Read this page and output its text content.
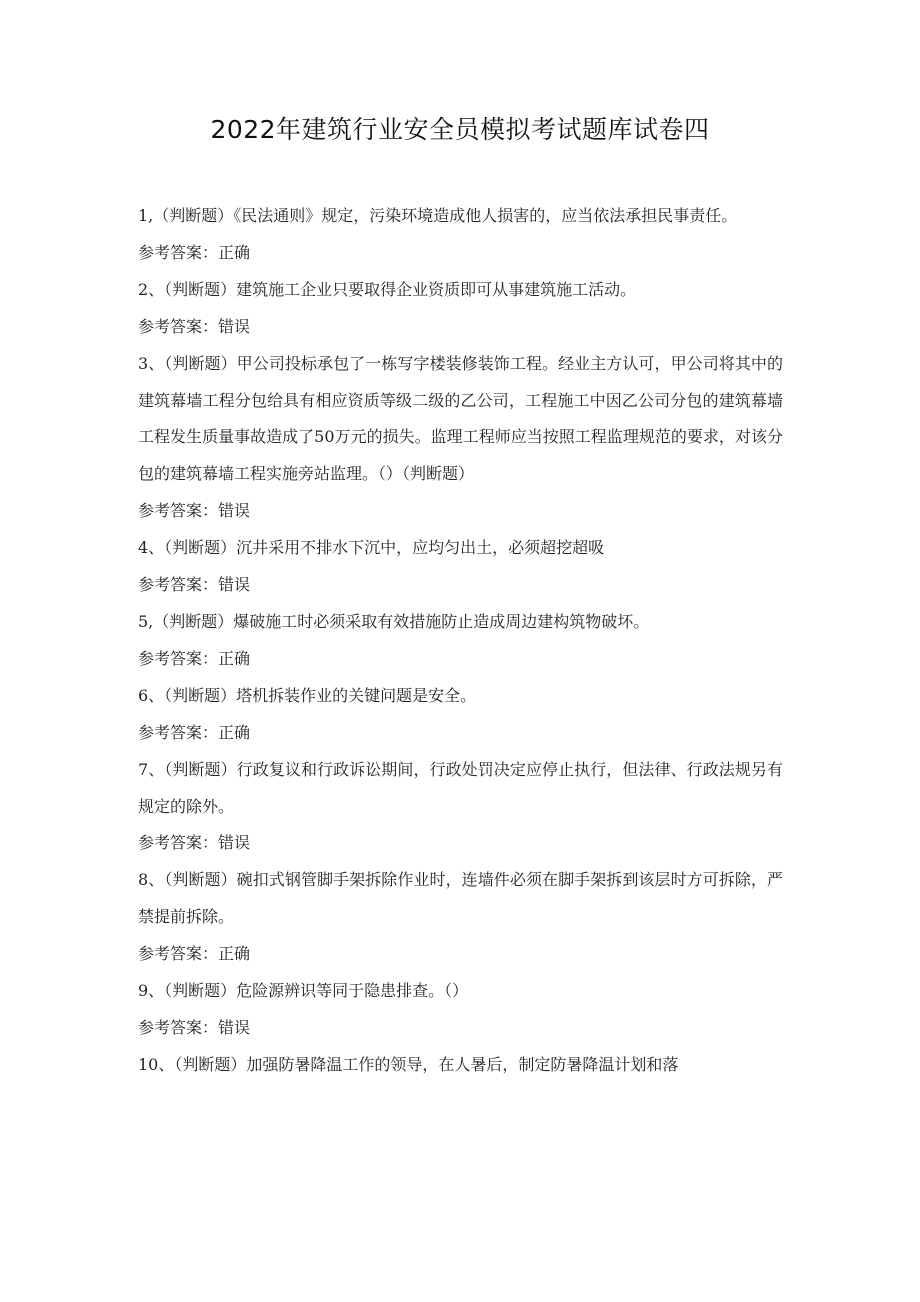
2022年建筑行业安全员模拟考试题库试卷四

1,（判断题）《民法通则》规定，污染环境造成他人损害的，应当依法承担民事责任。

参考答案：正确

2、（判断题）建筑施工企业只要取得企业资质即可从事建筑施工活动。

参考答案：错误

3、（判断题）甲公司投标承包了一栋写字楼装修装饰工程。经业主方认可，甲公司将其中的建筑幕墙工程分包给具有相应资质等级二级的乙公司，工程施工中因乙公司分包的建筑幕墙工程发生质量事故造成了50万元的损失。监理工程师应当按照工程监理规范的要求，对该分包的建筑幕墙工程实施旁站监理。（）（判断题）

参考答案：错误

4、（判断题）沉井采用不排水下沉中，应均匀出土，必须超挖超吸

参考答案：错误

5,（判断题）爆破施工时必须采取有效措施防止造成周边建构筑物破坏。

参考答案：正确

6、（判断题）塔机拆装作业的关键问题是安全。

参考答案：正确

7、（判断题）行政复议和行政诉讼期间，行政处罚决定应停止执行，但法律、行政法规另有规定的除外。

参考答案：错误

8、（判断题）碗扣式钢管脚手架拆除作业时，连墙件必须在脚手架拆到该层时方可拆除，严禁提前拆除。

参考答案：正确

9、（判断题）危险源辨识等同于隐患排查。（）

参考答案：错误

10、（判断题）加强防暑降温工作的领导，在人暑后，制定防暑降温计划和落
